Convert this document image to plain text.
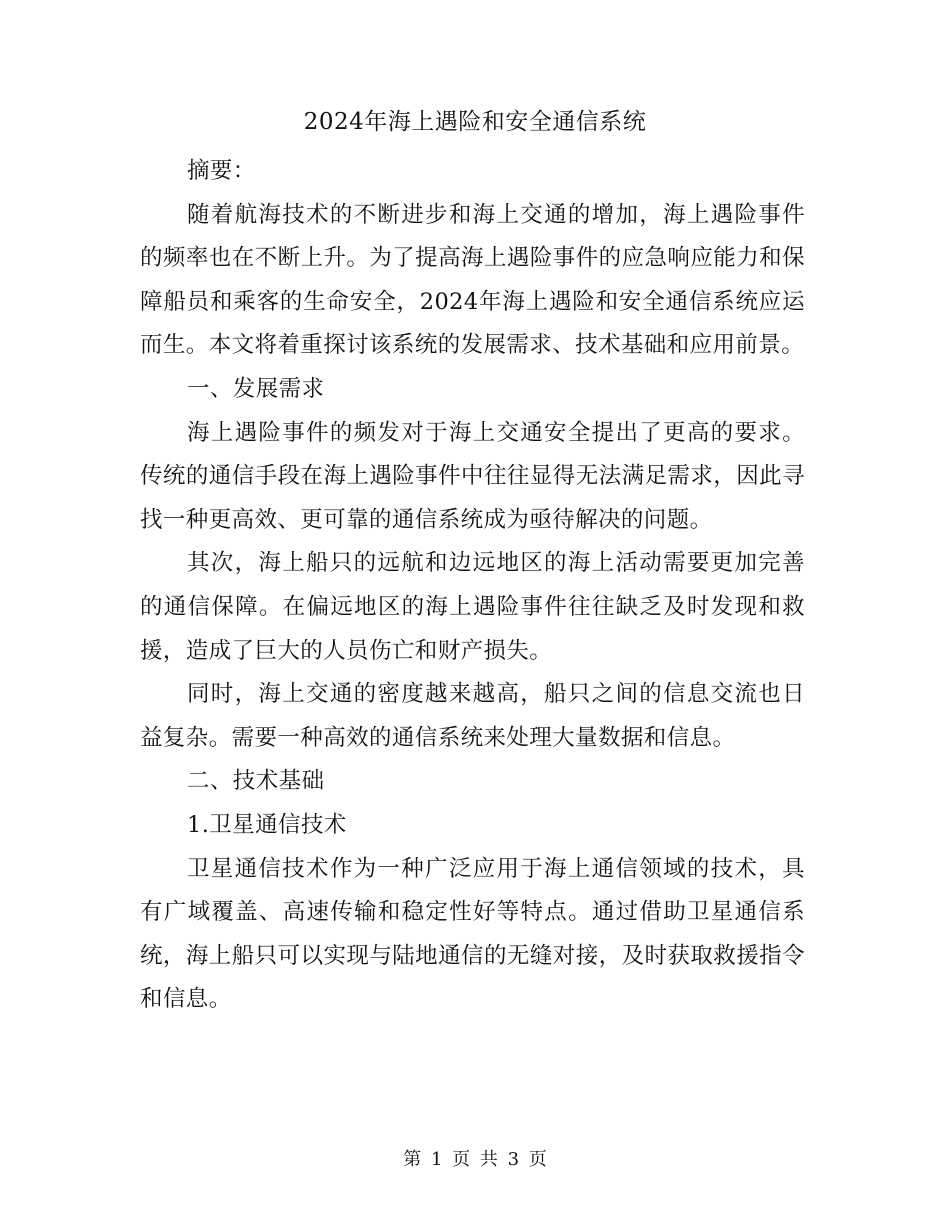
2024年海上遇险和安全通信系统

摘要：

随着航海技术的不断进步和海上交通的增加，海上遇险事件的频率也在不断上升。为了提高海上遇险事件的应急响应能力和保障船员和乘客的生命安全，2024年海上遇险和安全通信系统应运而生。本文将着重探讨该系统的发展需求、技术基础和应用前景。

一、发展需求

海上遇险事件的频发对于海上交通安全提出了更高的要求。传统的通信手段在海上遇险事件中往往显得无法满足需求，因此寻找一种更高效、更可靠的通信系统成为亟待解决的问题。

其次，海上船只的远航和边远地区的海上活动需要更加完善的通信保障。在偏远地区的海上遇险事件往往缺乏及时发现和救援，造成了巨大的人员伤亡和财产损失。

同时，海上交通的密度越来越高，船只之间的信息交流也日益复杂。需要一种高效的通信系统来处理大量数据和信息。

二、技术基础

1.卫星通信技术

卫星通信技术作为一种广泛应用于海上通信领域的技术，具有广域覆盖、高速传输和稳定性好等特点。通过借助卫星通信系统，海上船只可以实现与陆地通信的无缝对接，及时获取救援指令和信息。

第 1 页 共 3 页
